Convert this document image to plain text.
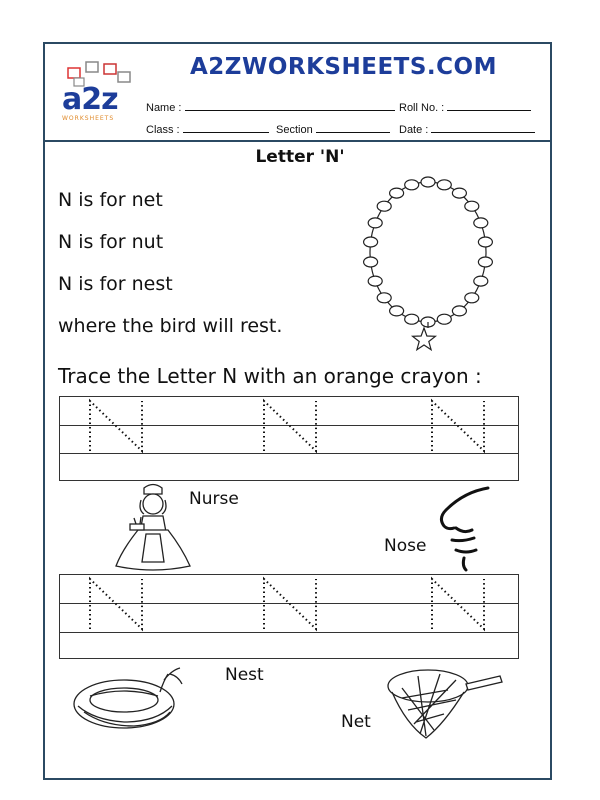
a2z
WORKSHEETS
A2ZWORKSHEETS.COM
Name :	Roll No. :
Class :	Section	Date :
Letter 'N'
N is for net
N is for nut
N is for nest
where the bird will rest.
Trace the Letter N with an orange crayon :
Nurse
Nose
Nest
Net
